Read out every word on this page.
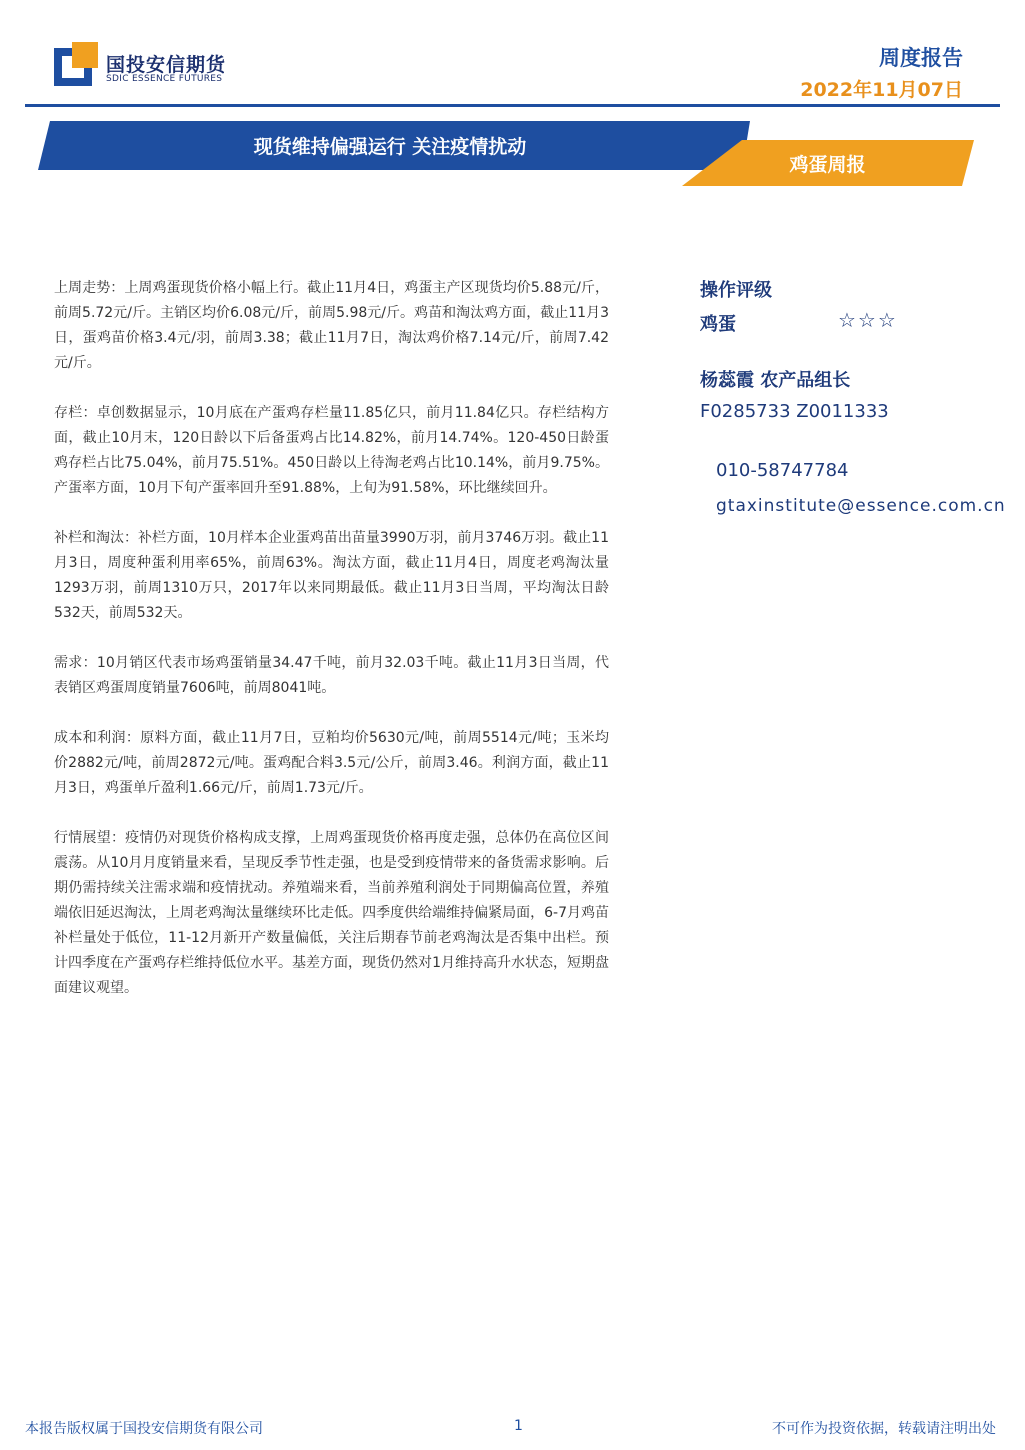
国投安信期货
SDIC ESSENCE FUTURES
周度报告
2022年11月07日
现货维持偏强运行 关注疫情扰动
鸡蛋周报

上周走势：上周鸡蛋现货价格小幅上行。截止11月4日，鸡蛋主产区现货均价5.88元/斤，前周5.72元/斤。主销区均价6.08元/斤，前周5.98元/斤。鸡苗和淘汰鸡方面，截止11月3日，蛋鸡苗价格3.4元/羽，前周3.38；截止11月7日，淘汰鸡价格7.14元/斤，前周7.42元/斤。

存栏：卓创数据显示，10月底在产蛋鸡存栏量11.85亿只，前月11.84亿只。存栏结构方面，截止10月末，120日龄以下后备蛋鸡占比14.82%，前月14.74%。120-450日龄蛋鸡存栏占比75.04%，前月75.51%。450日龄以上待淘老鸡占比10.14%，前月9.75%。产蛋率方面，10月下旬产蛋率回升至91.88%，上旬为91.58%，环比继续回升。

补栏和淘汰：补栏方面，10月样本企业蛋鸡苗出苗量3990万羽，前月3746万羽。截止11月3日，周度种蛋利用率65%，前周63%。淘汰方面，截止11月4日，周度老鸡淘汰量1293万羽，前周1310万只，2017年以来同期最低。截止11月3日当周，平均淘汰日龄532天，前周532天。

需求：10月销区代表市场鸡蛋销量34.47千吨，前月32.03千吨。截止11月3日当周，代表销区鸡蛋周度销量7606吨，前周8041吨。

成本和利润：原料方面，截止11月7日，豆粕均价5630元/吨，前周5514元/吨；玉米均价2882元/吨，前周2872元/吨。蛋鸡配合料3.5元/公斤，前周3.46。利润方面，截止11月3日，鸡蛋单斤盈利1.66元/斤，前周1.73元/斤。

行情展望：疫情仍对现货价格构成支撑，上周鸡蛋现货价格再度走强，总体仍在高位区间震荡。从10月月度销量来看，呈现反季节性走强，也是受到疫情带来的备货需求影响。后期仍需持续关注需求端和疫情扰动。养殖端来看，当前养殖利润处于同期偏高位置，养殖端依旧延迟淘汰，上周老鸡淘汰量继续环比走低。四季度供给端维持偏紧局面，6-7月鸡苗补栏量处于低位，11-12月新开产数量偏低，关注后期春节前老鸡淘汰是否集中出栏。预计四季度在产蛋鸡存栏维持低位水平。基差方面，现货仍然对1月维持高升水状态，短期盘面建议观望。

操作评级
鸡蛋	☆☆☆
杨蕊霞 农产品组长
F0285733 Z0011333
010-58747784
gtaxinstitute@essence.com.cn
本报告版权属于国投安信期货有限公司	1	不可作为投资依据，转载请注明出处
